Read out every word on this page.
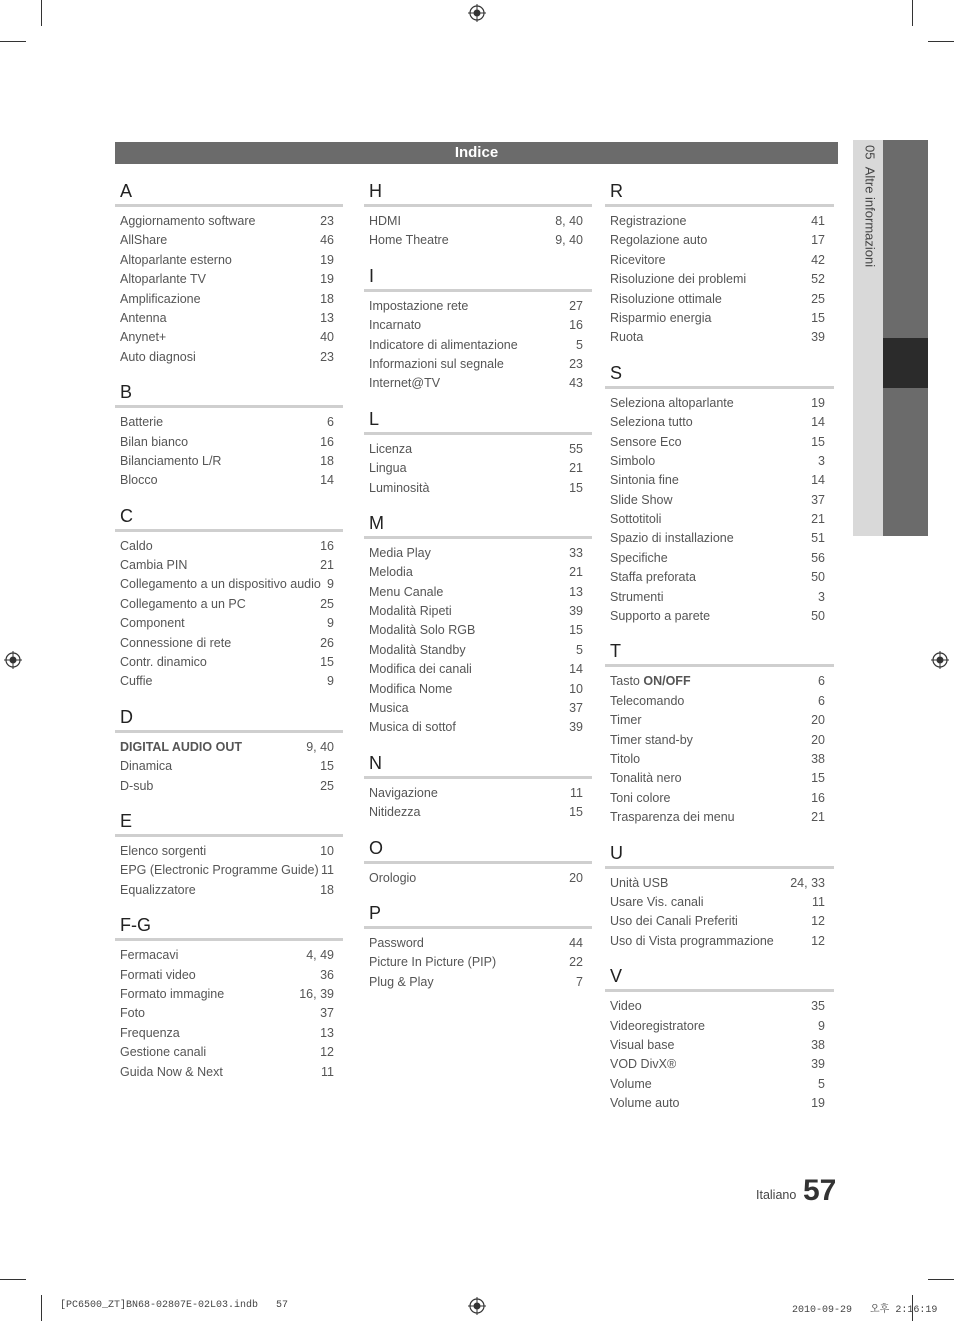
Indice	05  Altre informazioni
A
Aggiornamento software	23
AllShare	46
Altoparlante esterno	19
Altoparlante TV	19
Amplificazione	18
Antenna	13
Anynet+	40
Auto diagnosi	23
B
Batterie	6
Bilan bianco	16
Bilanciamento L/R	18
Blocco	14
C
Caldo	16
Cambia PIN	21
Collegamento a un dispositivo audio 9
Collegamento a un PC	25
Component	9
Connessione di rete	26
Contr. dinamico	15
Cuffie	9
D
DIGITAL AUDIO OUT	9, 40
Dinamica	15
D-sub	25
E
Elenco sorgenti	10
EPG (Electronic Programme Guide) 11
Equalizzatore	18
F-G
Fermacavi	4, 49
Formati video	36
Formato immagine	16, 39
Foto	37
Frequenza	13
Gestione canali	12
Guida Now & Next	11
H
HDMI	8, 40
Home Theatre	9, 40
I
Impostazione rete	27
Incarnato	16
Indicatore di alimentazione	5
Informazioni sul segnale	23
Internet@TV	43
L
Licenza	55
Lingua	21
Luminosità	15
M
Media Play	33
Melodia	21
Menu Canale	13
Modalità Ripeti	39
Modalità Solo RGB	15
Modalità Standby	5
Modifica dei canali	14
Modifica Nome	10
Musica	37
Musica di sottof	39
N
Navigazione	11
Nitidezza	15
O
Orologio	20
P
Password	44
Picture In Picture (PIP)	22
Plug & Play	7
R
Registrazione	41
Regolazione auto	17
Ricevitore	42
Risoluzione dei problemi	52
Risoluzione ottimale	25
Risparmio energia	15
Ruota	39
S
Seleziona altoparlante	19
Seleziona tutto	14
Sensore Eco	15
Simbolo	3
Sintonia fine	14
Slide Show	37
Sottotitoli	21
Spazio di installazione	51
Specifiche	56
Staffa preforata	50
Strumenti	3
Supporto a parete	50
T
Tasto ON/OFF	6
Telecomando	6
Timer	20
Timer stand-by	20
Titolo	38
Tonalità nero	15
Toni colore	16
Trasparenza dei menu	21
U
Unità USB	24, 33
Usare Vis. canali	11
Uso dei Canali Preferiti	12
Uso di Vista programmazione	12
V
Video	35
Videoregistratore	9
Visual base	38
VOD DivX®	39
Volume	5
Volume auto	19
Italiano 57
[PC6500_ZT]BN68-02807E-02L03.indb   57	2010-09-29   오후 2:16:19
